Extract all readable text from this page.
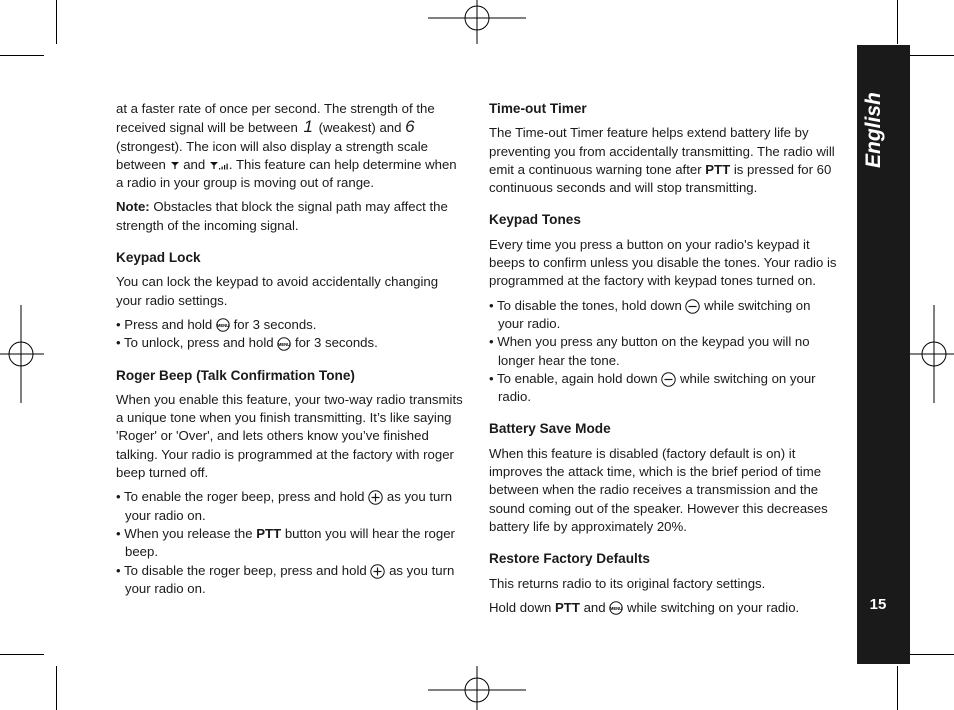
English
15

at a faster rate of once per second. The strength of the received signal will be between 1 (weakest) and 6 (strongest). The icon will also display a strength scale between and . This feature can help determine when a radio in your group is moving out of range.

Note: Obstacles that block the signal path may affect the strength of the incoming signal.

Keypad Lock

You can lock the keypad to avoid accidentally changing your radio settings.

• Press and hold MENU for 3 seconds.
• To unlock, press and hold MENU for 3 seconds.
Roger Beep (Talk Confirmation Tone)

When you enable this feature, your two-way radio transmits a unique tone when you finish transmitting. It’s like saying 'Roger' or 'Over', and lets others know you’ve finished talking. Your radio is programmed at the factory with roger beep turned off.

• To enable the roger beep, press and hold as you turn your radio on.
• When you release the PTT button you will hear the roger beep.
• To disable the roger beep, press and hold as you turn your radio on.
Time-out Timer

The Time-out Timer feature helps extend battery life by preventing you from accidentally transmitting. The radio will emit a continuous warning tone after PTT is pressed for 60 continuous seconds and will stop transmitting.

Keypad Tones

Every time you press a button on your radio's keypad it beeps to confirm unless you disable the tones. Your radio is programmed at the factory with keypad tones turned on.

• To disable the tones, hold down while switching on your radio.
• When you press any button on the keypad you will no longer hear the tone.
• To enable, again hold down while switching on your radio.
Battery Save Mode

When this feature is disabled (factory default is on) it improves the attack time, which is the brief period of time between when the radio receives a transmission and the sound coming out of the speaker. However this decreases battery life by approximately 20%.

Restore Factory Defaults

This returns radio to its original factory settings.

Hold down PTT and MENU while switching on your radio.
